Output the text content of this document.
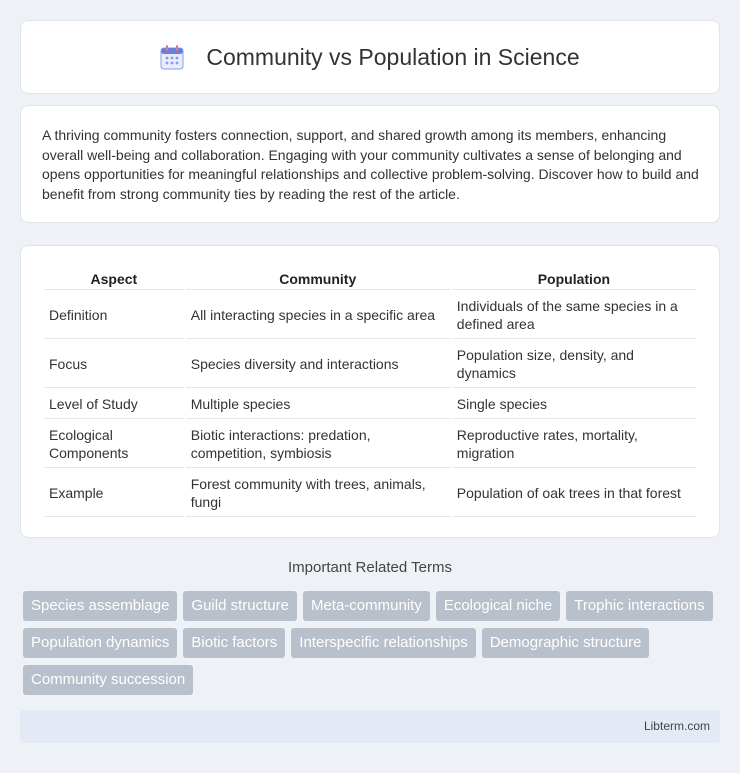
Community vs Population in Science

A thriving community fosters connection, support, and shared growth among its members, enhancing overall well-being and collaboration. Engaging with your community cultivates a sense of belonging and opens opportunities for meaningful relationships and collective problem-solving. Discover how to build and benefit from strong community ties by reading the rest of the article.

Aspect	Community	Population
Definition	All interacting species in a specific area	Individuals of the same species in a defined area
Focus	Species diversity and interactions	Population size, density, and dynamics
Level of Study	Multiple species	Single species
Ecological Components	Biotic interactions: predation, competition, symbiosis	Reproductive rates, mortality, migration
Example	Forest community with trees, animals, fungi	Population of oak trees in that forest
Important Related Terms
Species assemblage	Guild structure	Meta-community	Ecological niche	Trophic interactions
Population dynamics	Biotic factors	Interspecific relationships	Demographic structure
Community succession
Libterm.com
